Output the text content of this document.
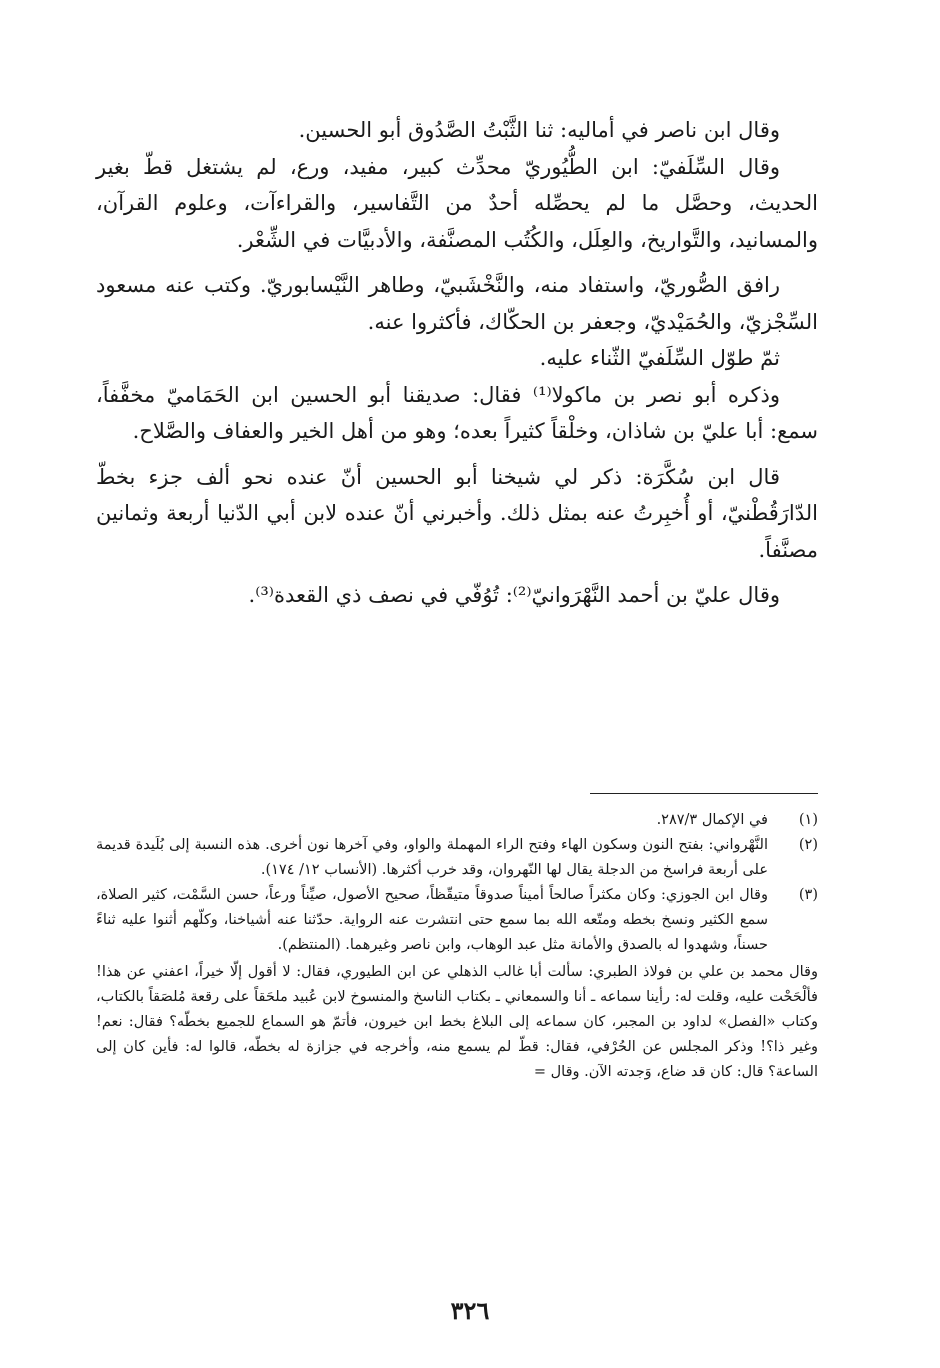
وقال ابن ناصر في أماليه: ثنا الثَّبْتُ الصَّدُوق أبو الحسين.

وقال السِّلَفيّ: ابن الطُّيُوريّ محدِّث كبير، مفيد، ورع، لم يشتغل قطّ بغير الحديث، وحصَّل ما لم يحصِّله أحدٌ من التَّفاسير، والقراءآت، وعلوم القرآن، والمسانيد، والتَّواريخ، والعِلَل، والكُتُب المصنَّفة، والأدبيَّات في الشِّعْر.

رافق الصُّوريّ، واستفاد منه، والنَّخْشَبيّ، وطاهر النَّيْسابوريّ. وكتب عنه مسعود السِّجْزيّ، والحُمَيْديّ، وجعفر بن الحكّاك، فأكثروا عنه.

ثمّ طوّل السِّلَفيّ الثّناء عليه.

وذكره أبو نصر بن ماكولا⁽¹⁾ فقال: صديقنا أبو الحسين ابن الحَمَاميّ مخفَّفاً، سمع: أبا عليّ بن شاذان، وخلْقاً كثيراً بعده؛ وهو من أهل الخير والعفاف والصَّلاح.

قال ابن سُكَّرَة: ذكر لي شيخنا أبو الحسين أنّ عنده نحو ألف جزء بخطّ الدّارَقُطْنيّ، أو أُخبِرتُ عنه بمثل ذلك. وأخبرني أنّ عنده لابن أبي الدّنيا أربعة وثمانين مصنَّفاً.

وقال عليّ بن أحمد النَّهْرَوانيّ⁽²⁾: تُوُفّي في نصف ذي القعدة⁽³⁾.

(١)

في الإكمال ٢٨٧/٣.

(٢)

النَّهْرواني: بفتح النون وسكون الهاء وفتح الراء المهملة والواو، وفي آخرها نون أخرى. هذه النسبة إلى بُلَيدة قديمة على أربعة فراسخ من الدجلة يقال لها النّهروان، وقد خرب أكثرها. (الأنساب ١٢/ ١٧٤).

(٣)

وقال ابن الجوزي: وكان مكثراً صالحاً أميناً صدوقاً متيقّظاً، صحيح الأصول، صيِّناً ورعاً، حسن السَّمْت، كثير الصلاة، سمع الكثير ونسخ بخطه ومتّعه الله بما سمع حتى انتشرت عنه الرواية. حدّثنا عنه أشياخنا، وكلّهم أثنوا عليه ثناءً حسناً، وشهدوا له بالصدق والأمانة مثل عبد الوهاب، وابن ناصر وغيرهما. (المنتظم).

وقال محمد بن علي بن فولاذ الطبري: سألت أبا غالب الذهلي عن ابن الطيوري، فقال: لا أقول إلّا خيراً، اعفني عن هذا! فألْحَحْت عليه، وقلت له: رأينا سماعه ـ أنا والسمعاني ـ بكتاب الناسخ والمنسوخ لابن عُبيد ملحَقاً على رقعة مُلصَقاً بالكتاب، وكتاب «الفصل» لداود بن المجبر، كان سماعه إلى البلاغ بخط ابن خيرون، فأتمّ هو السماع للجميع بخطّه؟ فقال: نعم! وغير ذا؟! وذكر المجلس عن الحُرْفي، فقال: قطّ لم يسمع منه، وأخرجه في جزازة له بخطّه، قالوا له: فأين كان إلى الساعة؟ قال: كان قد ضاع، وَجدته الآن. وقال =

٣٢٦
